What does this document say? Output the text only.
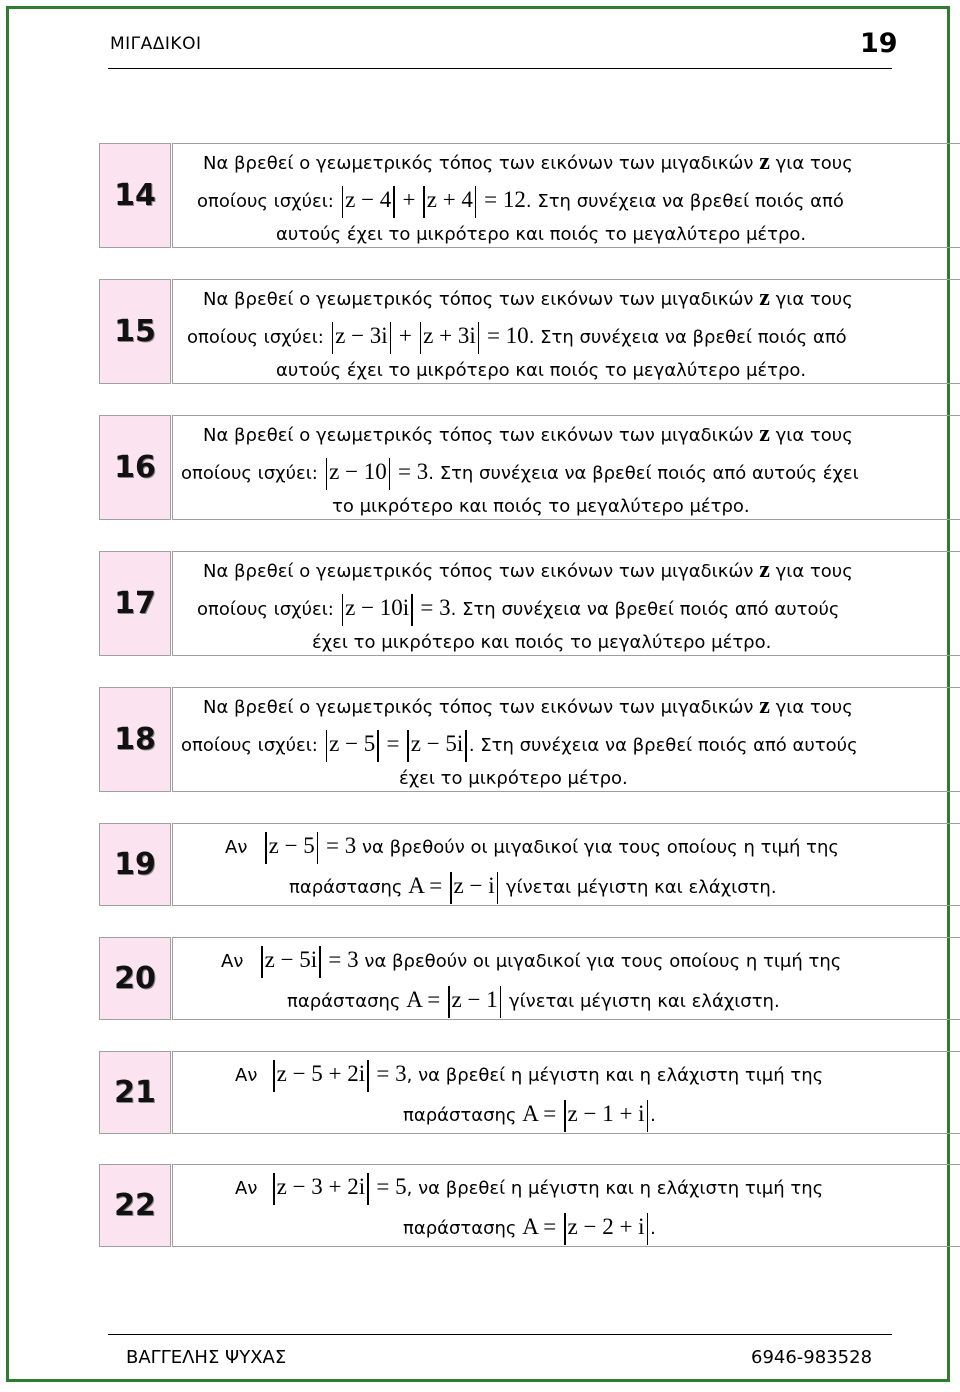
ΜΙΓΑΔΙΚΟΙ	19
14
Να βρεθεί ο γεωμετρικός τόπος των εικόνων των μιγαδικών z για τους
οποίους ισχύει: z − 4 + z + 4 = 12. Στη συνέχεια να βρεθεί ποιός από
αυτούς έχει το μικρότερο και ποιός το μεγαλύτερο μέτρο.
15
Να βρεθεί ο γεωμετρικός τόπος των εικόνων των μιγαδικών z για τους
οποίους ισχύει: z − 3i + z + 3i = 10. Στη συνέχεια να βρεθεί ποιός από
αυτούς έχει το μικρότερο και ποιός το μεγαλύτερο μέτρο.
16
Να βρεθεί ο γεωμετρικός τόπος των εικόνων των μιγαδικών z για τους
οποίους ισχύει: z − 10 = 3. Στη συνέχεια να βρεθεί ποιός από αυτούς έχει
το μικρότερο και ποιός το μεγαλύτερο μέτρο.
17
Να βρεθεί ο γεωμετρικός τόπος των εικόνων των μιγαδικών z για τους
οποίους ισχύει: z − 10i = 3. Στη συνέχεια να βρεθεί ποιός από αυτούς
έχει το μικρότερο και ποιός το μεγαλύτερο μέτρο.
18
Να βρεθεί ο γεωμετρικός τόπος των εικόνων των μιγαδικών z για τους
οποίους ισχύει: z − 5 = z − 5i . Στη συνέχεια να βρεθεί ποιός από αυτούς
έχει το μικρότερο μέτρο.
19	Αν z − 5 = 3 να βρεθούν οι μιγαδικοί για τους οποίους η τιμή της
παράστασης A = z − i γίνεται μέγιστη και ελάχιστη.
20	Αν z − 5i = 3 να βρεθούν οι μιγαδικοί για τους οποίους η τιμή της
παράστασης A = z − 1 γίνεται μέγιστη και ελάχιστη.
21	Αν z − 5 + 2i = 3, να βρεθεί η μέγιστη και η ελάχιστη τιμή της
παράστασης A = z − 1 + i .
22	Αν z − 3 + 2i = 5, να βρεθεί η μέγιστη και η ελάχιστη τιμή της
παράστασης A = z − 2 + i .
ΒΑΓΓΕΛΗΣ ΨΥΧΑΣ	6946-983528
